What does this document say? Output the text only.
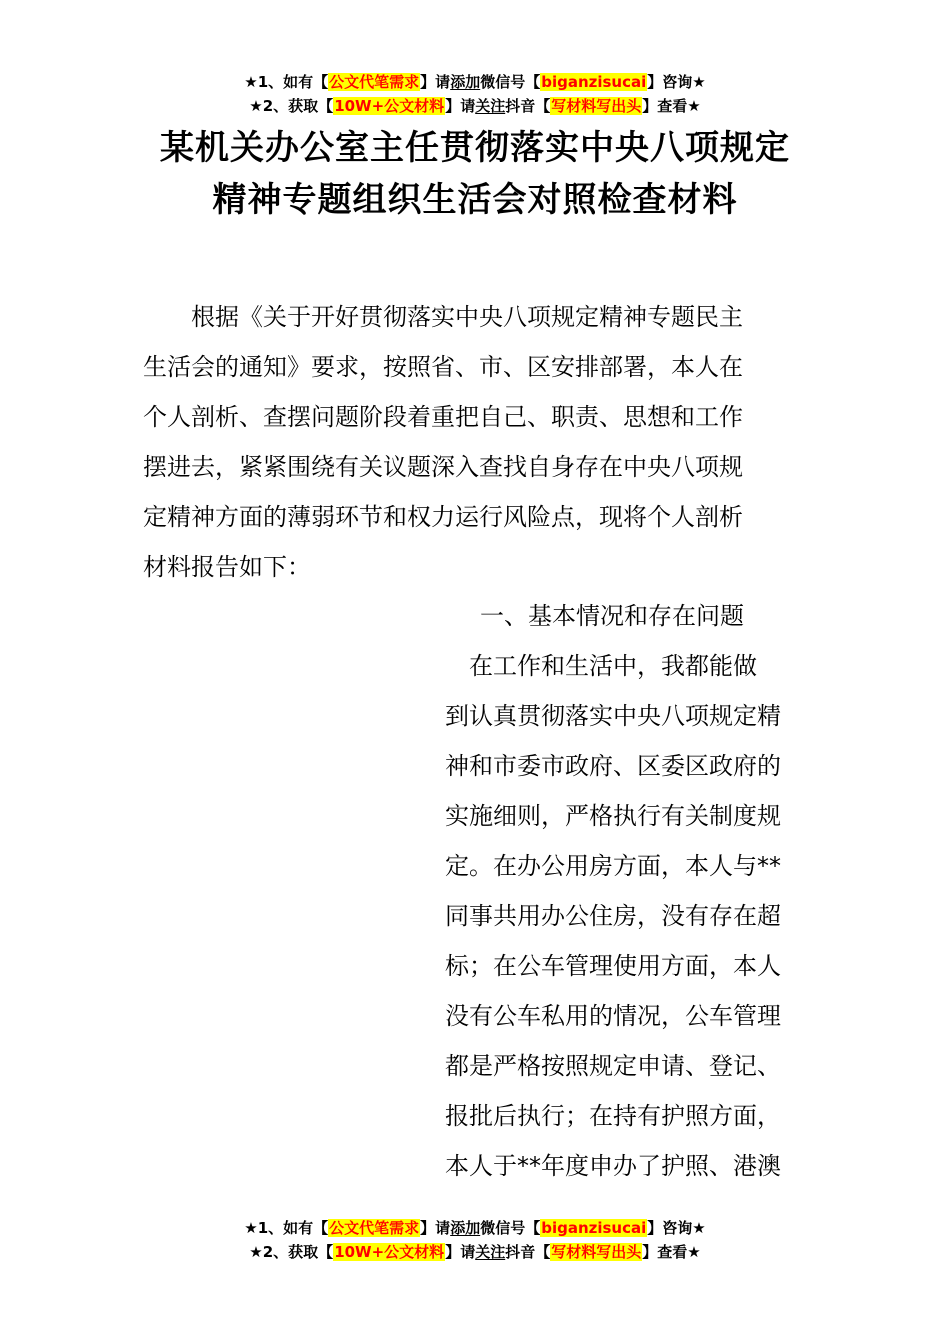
★1、如有【公文代笔需求】请添加微信号【biganzisucai】咨询★
★2、获取【10W+公文材料】请关注抖音【写材料写出头】查看★
某机关办公室主任贯彻落实中央八项规定
精神专题组织生活会对照检查材料

　　根据《关于开好贯彻落实中央八项规定精神专题民主
生活会的通知》要求，按照省、市、区安排部署，本人在
个人剖析、查摆问题阶段着重把自己、职责、思想和工作
摆进去，紧紧围绕有关议题深入查找自身存在中央八项规
定精神方面的薄弱环节和权力运行风险点，现将个人剖析
材料报告如下：

一、基本情况和存在问题

　在工作和生活中，我都能做
到认真贯彻落实中央八项规定精
神和市委市政府、区委区政府的
实施细则，严格执行有关制度规
定。在办公用房方面，本人与**
同事共用办公住房，没有存在超
标；在公车管理使用方面，本人
没有公车私用的情况，公车管理
都是严格按照规定申请、登记、
报批后执行；在持有护照方面，
本人于**年度申办了护照、港澳

★1、如有【公文代笔需求】请添加微信号【biganzisucai】咨询★
★2、获取【10W+公文材料】请关注抖音【写材料写出头】查看★
